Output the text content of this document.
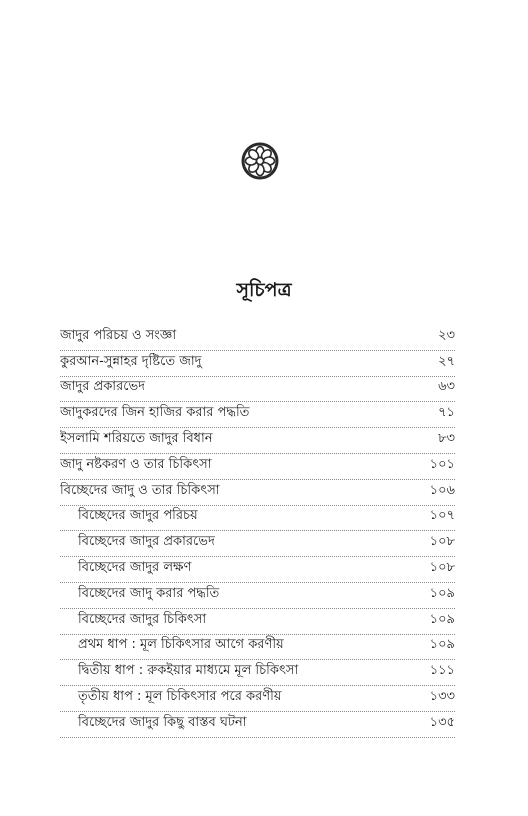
সূচিপত্র
জাদুর পরিচয় ও সংজ্ঞা	২৩
কুরআন-সুন্নাহর দৃষ্টিতে জাদু	২৭
জাদুর প্রকারভেদ	৬৩
জাদুকরদের জিন হাজির করার পদ্ধতি	৭১
ইসলামি শরিয়তে জাদুর বিধান	৮৩
জাদু নষ্টকরণ ও তার চিকিৎসা	১০১
বিচ্ছেদের জাদু ও তার চিকিৎসা	১০৬
বিচ্ছেদের জাদুর পরিচয়	১০৭
বিচ্ছেদের জাদুর প্রকারভেদ	১০৮
বিচ্ছেদের জাদুর লক্ষণ	১০৮
বিচ্ছেদের জাদু করার পদ্ধতি	১০৯
বিচ্ছেদের জাদুর চিকিৎসা	১০৯
প্রথম ধাপ : মূল চিকিৎসার আগে করণীয়	১০৯
দ্বিতীয় ধাপ : রুকইয়ার মাধ্যমে মূল চিকিৎসা	১১১
তৃতীয় ধাপ : মূল চিকিৎসার পরে করণীয়	১৩৩
বিচ্ছেদের জাদুর কিছু বাস্তব ঘটনা	১৩৫
